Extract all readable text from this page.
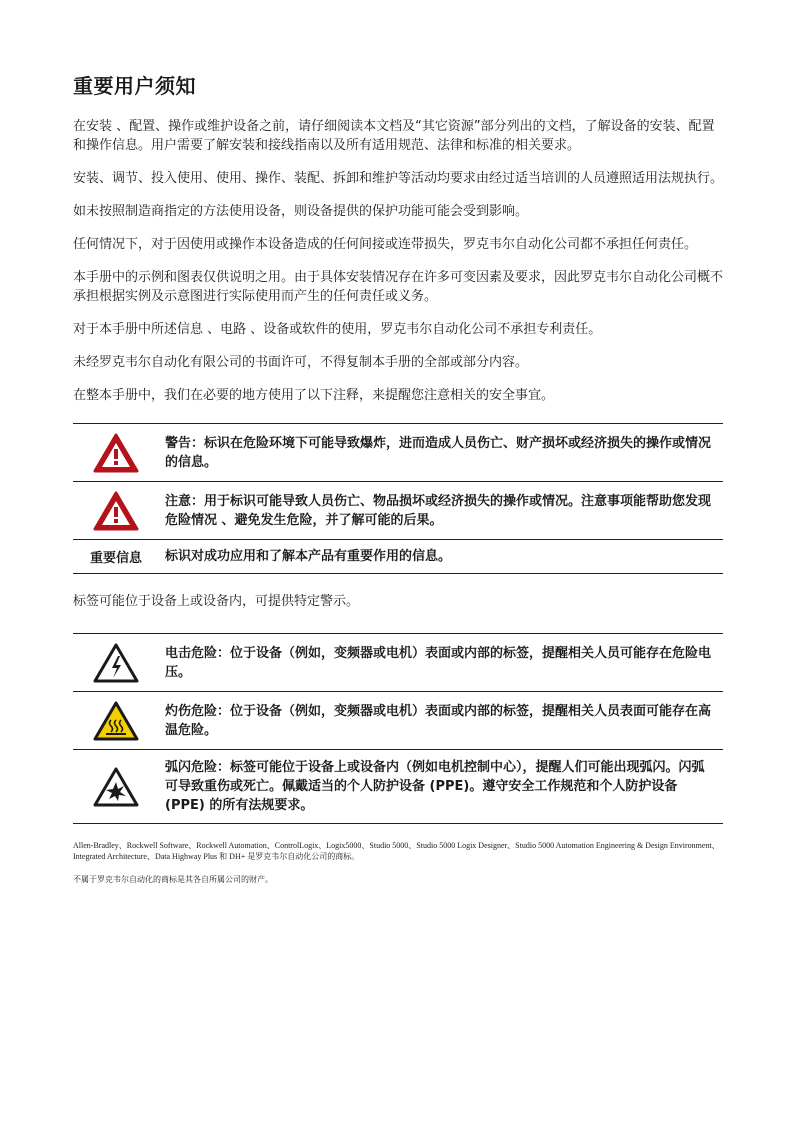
重要用户须知

在安装 、配置、操作或维护设备之前，请仔细阅读本文档及“其它资源”部分列出的文档，了解设备的安装、配置和操作信息。用户需要了解安装和接线指南以及所有适用规范、法律和标准的相关要求。

安装、调节、投入使用、使用、操作、装配、拆卸和维护等活动均要求由经过适当培训的人员遵照适用法规执行。

如未按照制造商指定的方法使用设备，则设备提供的保护功能可能会受到影响。

任何情况下，对于因使用或操作本设备造成的任何间接或连带损失，罗克韦尔自动化公司都不承担任何责任。

本手册中的示例和图表仅供说明之用。由于具体安装情况存在许多可变因素及要求，因此罗克韦尔自动化公司概不承担根据实例及示意图进行实际使用而产生的任何责任或义务。

对于本手册中所述信息 、电路 、设备或软件的使用，罗克韦尔自动化公司不承担专利责任。

未经罗克韦尔自动化有限公司的书面许可，不得复制本手册的全部或部分内容。

在整本手册中，我们在必要的地方使用了以下注释，来提醒您注意相关的安全事宜。

	警告：标识在危险环境下可能导致爆炸，进而造成人员伤亡、财产损坏或经济损失的操作或情况的信息。

	注意：用于标识可能导致人员伤亡、物品损坏或经济损失的操作或情况。注意事项能帮助您发现危险情况 、避免发生危险，并了解可能的后果。
重要信息	标识对成功应用和了解本产品有重要作用的信息。

标签可能位于设备上或设备内，可提供特定警示。

	电击危险：位于设备（例如，变频器或电机）表面或内部的标签，提醒相关人员可能存在危险电压。

	灼伤危险：位于设备（例如，变频器或电机）表面或内部的标签，提醒相关人员表面可能存在高温危险。

	弧闪危险：标签可能位于设备上或设备内（例如电机控制中心），提醒人们可能出现弧闪。闪弧可导致重伤或死亡。佩戴适当的个人防护设备 (PPE)。遵守安全工作规范和个人防护设备 (PPE) 的所有法规要求。

Allen-Bradley、Rockwell Software、Rockwell Automation、ControlLogix、Logix5000、Studio 5000、Studio 5000 Logix Designer、Studio 5000 Automation Engineering & Design Environment、Integrated Architecture、Data Highway Plus 和 DH+ 是罗克韦尔自动化公司的商标。

不属于罗克韦尔自动化的商标是其各自所属公司的财产。
